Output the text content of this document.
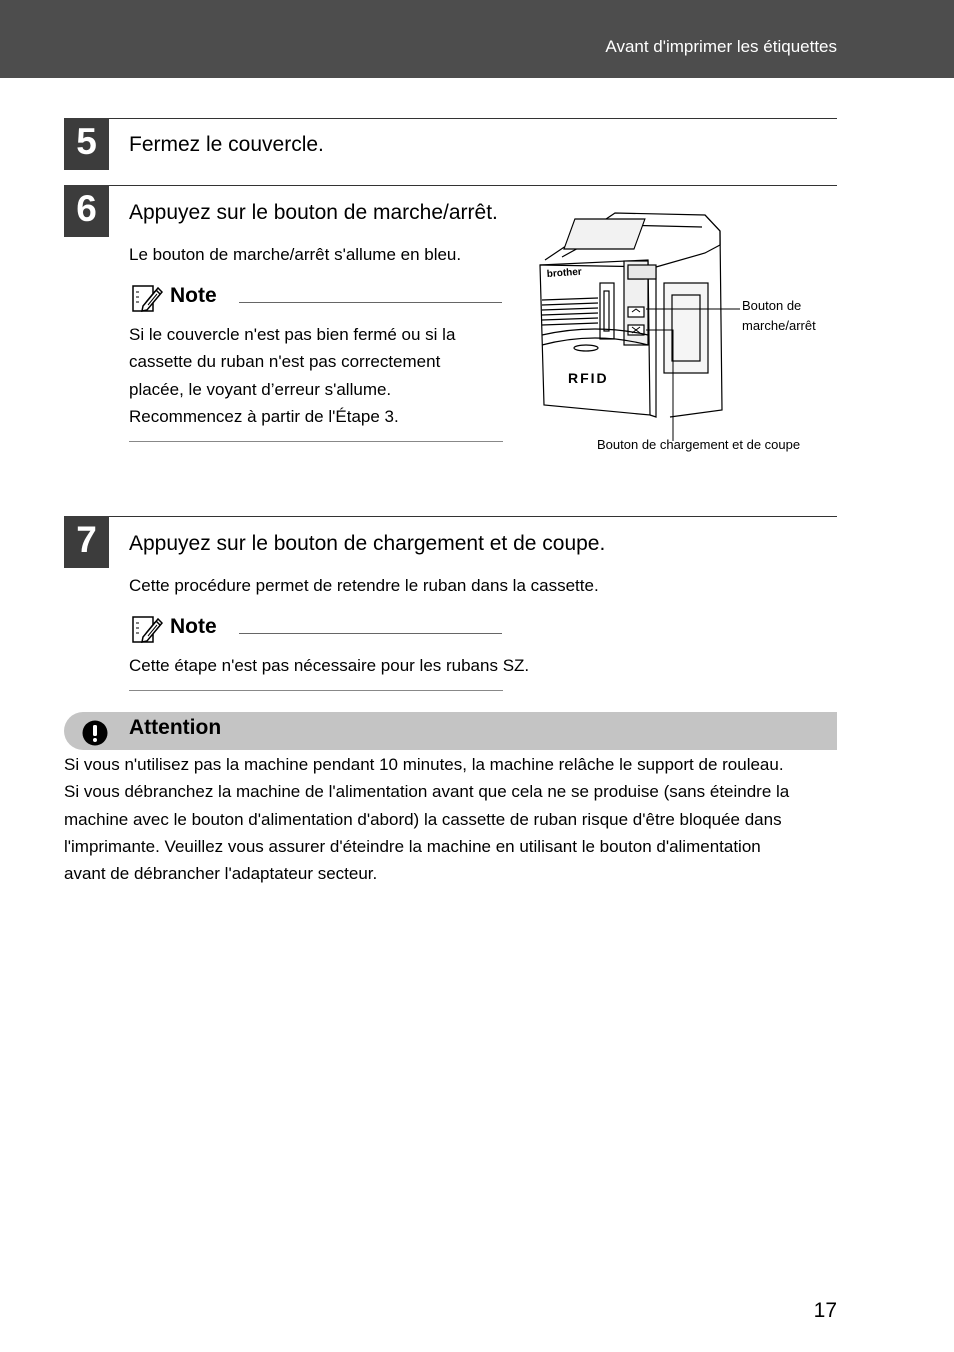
Avant d'imprimer les étiquettes
5	Fermez le couvercle.
6	Appuyez sur le bouton de marche/arrêt.
Le bouton de marche/arrêt s'allume en bleu.
Note

Si le couvercle n'est pas bien fermé ou si la

cassette du ruban n'est pas correctement

placée, le voyant d’erreur s'allume.

Recommencez à partir de l'Étape 3.

brother
RFID
Bouton de
marche/arrêt
Bouton de chargement et de coupe
7	Appuyez sur le bouton de chargement et de coupe.
Cette procédure permet de retendre le ruban dans la cassette.
Note

Cette étape n'est pas nécessaire pour les rubans SZ.

Attention

Si vous n'utilisez pas la machine pendant 10 minutes, la machine relâche le support de rouleau.

Si vous débranchez la machine de l'alimentation avant que cela ne se produise (sans éteindre la

machine avec le bouton d'alimentation d'abord) la cassette de ruban risque d'être bloquée dans

l'imprimante. Veuillez vous assurer d'éteindre la machine en utilisant le bouton d'alimentation

avant de débrancher l'adaptateur secteur.

17
